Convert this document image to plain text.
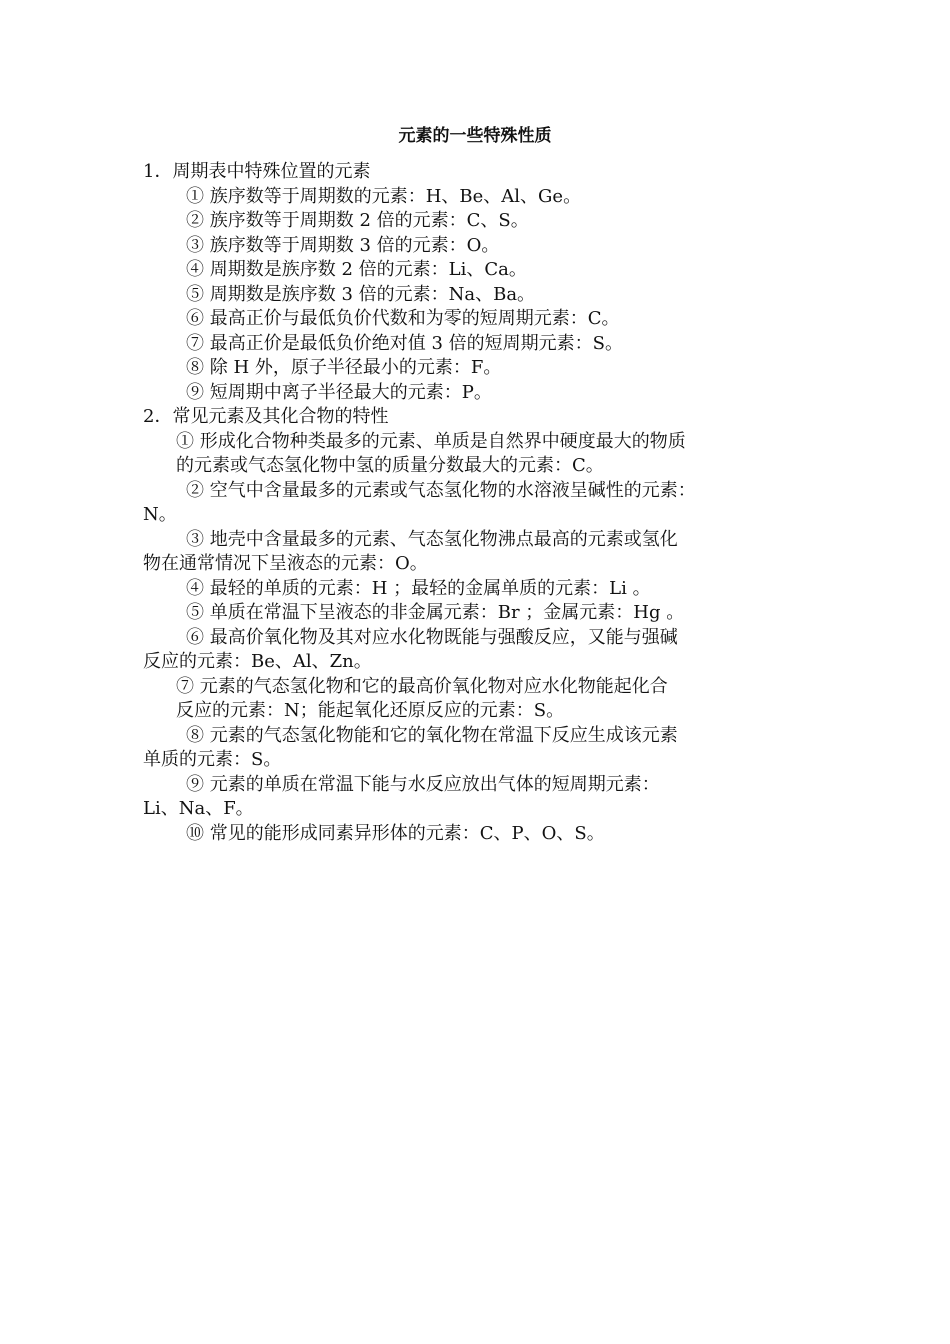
元素的一些特殊性质
1．周期表中特殊位置的元素
① 族序数等于周期数的元素：H、Be、Al、Ge。
② 族序数等于周期数 2 倍的元素：C、S。
③ 族序数等于周期数 3 倍的元素：O。
④ 周期数是族序数 2 倍的元素：Li、Ca。
⑤ 周期数是族序数 3 倍的元素：Na、Ba。
⑥ 最高正价与最低负价代数和为零的短周期元素：C。
⑦ 最高正价是最低负价绝对值 3 倍的短周期元素：S。
⑧ 除 H 外，原子半径最小的元素：F。
⑨ 短周期中离子半径最大的元素：P。
2．常见元素及其化合物的特性
① 形成化合物种类最多的元素、单质是自然界中硬度最大的物质
的元素或气态氢化物中氢的质量分数最大的元素：C。
② 空气中含量最多的元素或气态氢化物的水溶液呈碱性的元素：
N。
③ 地壳中含量最多的元素、气态氢化物沸点最高的元素或氢化
物在通常情况下呈液态的元素：O。
④ 最轻的单质的元素：H ；最轻的金属单质的元素：Li 。
⑤ 单质在常温下呈液态的非金属元素：Br ；金属元素：Hg 。
⑥ 最高价氧化物及其对应水化物既能与强酸反应，又能与强碱
反应的元素：Be、Al、Zn。
⑦ 元素的气态氢化物和它的最高价氧化物对应水化物能起化合
反应的元素：N；能起氧化还原反应的元素：S。
⑧ 元素的气态氢化物能和它的氧化物在常温下反应生成该元素
单质的元素：S。
⑨ 元素的单质在常温下能与水反应放出气体的短周期元素：
Li、Na、F。
⑩ 常见的能形成同素异形体的元素：C、P、O、S。
